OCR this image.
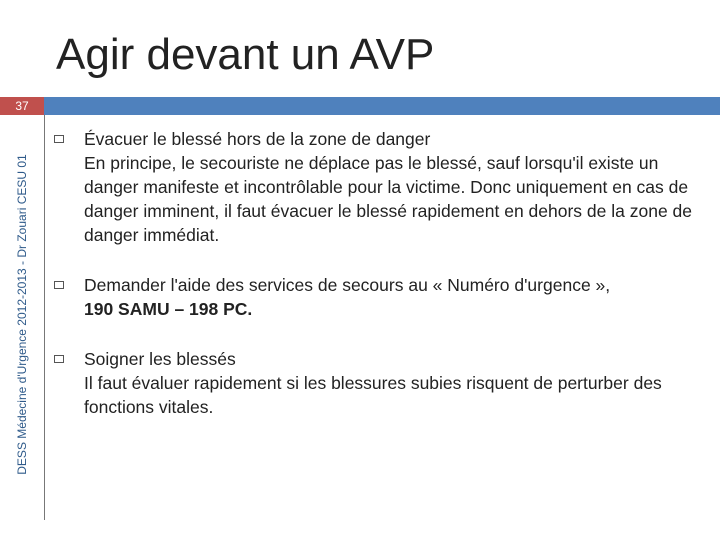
Agir devant un AVP
37
DESS Médecine d'Urgence 2012-2013 - Dr Zouari CESU 01
Évacuer le blessé hors de la zone de danger
En principe, le secouriste ne déplace pas le blessé, sauf lorsqu'il existe un danger manifeste et incontrôlable pour la victime. Donc uniquement en cas de danger imminent, il faut évacuer le blessé rapidement en dehors de la zone de danger immédiat.
Demander l'aide des services de secours au « Numéro d'urgence »,
190 SAMU – 198 PC.
Soigner les blessés
Il faut évaluer rapidement si les blessures subies risquent de perturber des fonctions vitales.
